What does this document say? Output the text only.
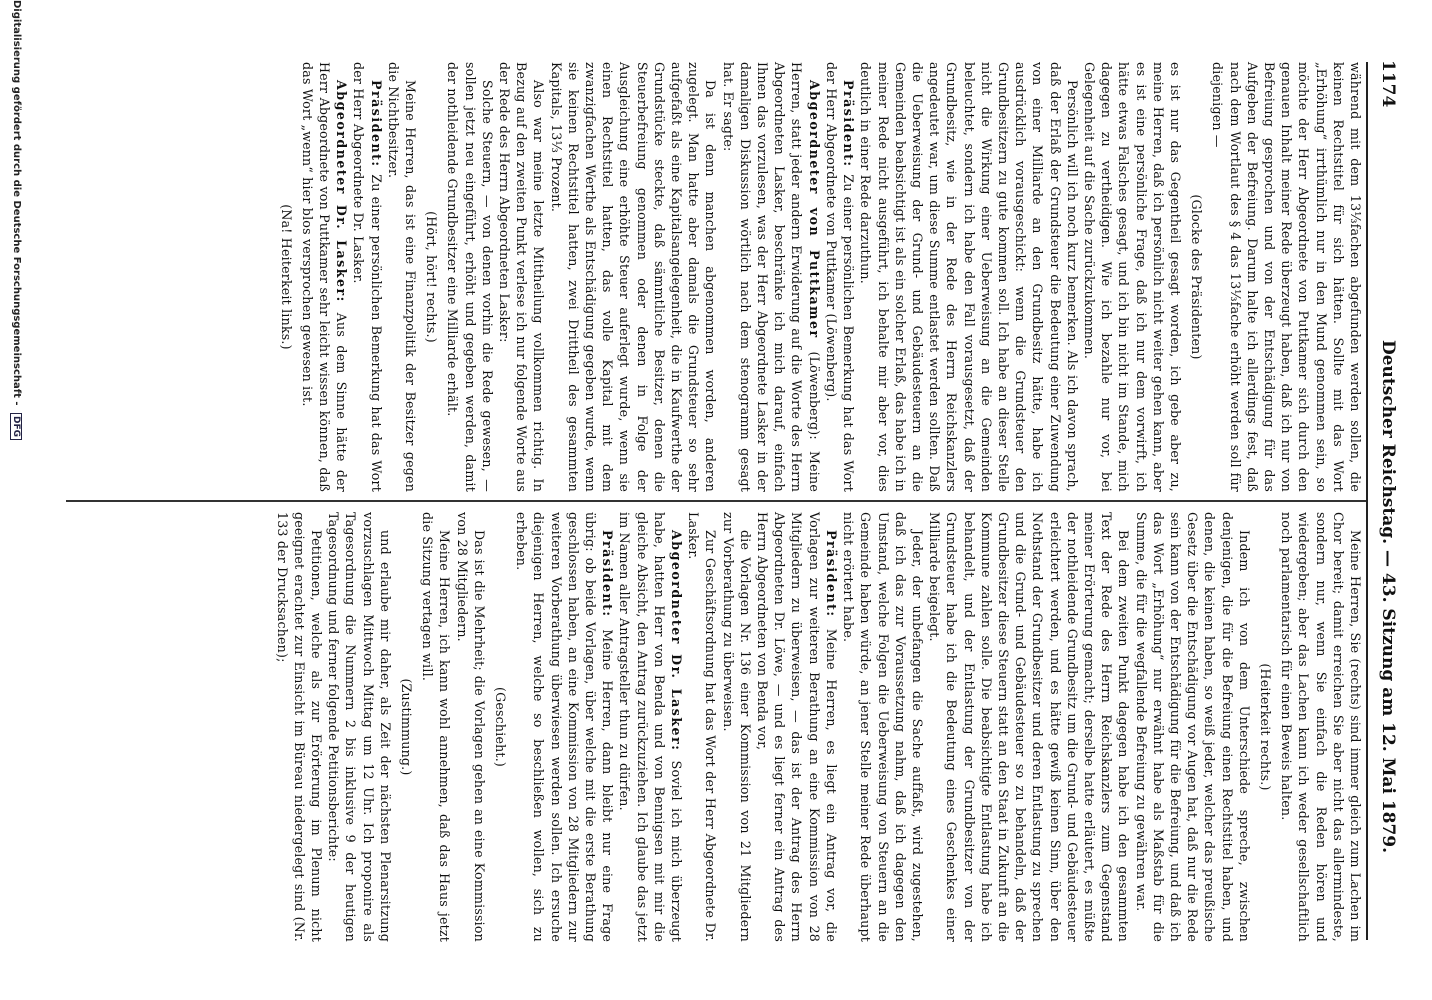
1174
Deutscher Reichstag. — 43. Sitzung am 12. Mai 1879.

während mit dem 13⅓fachen abgefunden werden sollen, die keinen Rechtstitel für sich hätten. Sollte mit das Wort „Erhöhung“ irrthümlich nur in den Mund genommen sein, so möchte der Herr Abgeordnete von Puttkamer sich durch den genauen Inhalt meiner Rede überzeugt haben, daß ich nur von Befreiung gesprochen und von der Entschädigung für das Aufgeben der Befreiung. Darum halte ich allerdings fest, daß nach dem Wortlaut des § 4 das 13⅓fache erhöht werden soll für diejenigen —

(Glocke des Präsidenten)

es ist nur das Gegentheil gesagt worden, ich gebe aber zu, meine Herren, daß ich persönlich nicht weiter gehen kann, aber es ist eine persönliche Frage, daß ich nur dem vorwirft, ich hätte etwas Falsches gesagt, und ich bin nicht im Stande, mich dagegen zu vertheidigen. Wie ich bezahle nur vor, bei Gelegenheit auf die Sache zurückzukommen.

Persönlich will ich noch kurz bemerken. Als ich davon sprach, daß der Erlaß der Grundsteuer die Bedeutung einer Zuwendung von einer Milliarde an den Grundbesitz hätte, habe ich ausdrücklich vorausgeschickt: wenn die Grundsteuer den Grundbesitzern zu gute kommen soll. Ich habe an dieser Stelle nicht die Wirkung einer Ueberweisung an die Gemeinden beleuchtet, sondern ich habe den Fall vorausgesetzt, daß der Grundbesitz, wie in der Rede des Herrn Reichskanzlers angedeutet war, um diese Summe entlastet werden sollten. Daß die Ueberweisung der Grund- und Gebäudesteuern an die Gemeinden beabsichtigt ist als ein solcher Erlaß, das habe ich in meiner Rede nicht ausgeführt, ich behalte mir aber vor, dies deutlich in einer Rede darzuthun.

Präsident: Zu einer persönlichen Bemerkung hat das Wort der Herr Abgeordnete von Puttkamer (Löwenberg).

Abgeordneter von Puttkamer (Löwenberg): Meine Herren, statt jeder andern Erwiderung auf die Worte des Herrn Abgeordneten Lasker, beschränke ich mich darauf, einfach Ihnen das vorzulesen, was der Herr Abgeordnete Lasker in der damaligen Diskussion wörtlich nach dem stenogramm gesagt hat. Er sagte:

Da ist denn manchen abgenommen worden, anderen zugelegt. Man hatte aber damals die Grundsteuer so sehr aufgefaßt als eine Kapitalsangelegenheit, die in Kaufwerthe der Grundstücke steckte, daß sämmtliche Besitzer, denen die Steuerbefreiung genommen oder denen in Folge der Ausgleichung eine erhöhte Steuer auferlegt wurde, wenn sie einen Rechtstitel hatten, das volle Kapital mit dem zwanzigfachen Werthe als Entschädigung gegeben wurde, wenn sie keinen Rechtstitel hatten, zwei Drittheil des gesammten Kapitals, 13⅓ Prozent.

Also war meine letzte Mittheilung vollkommen richtig. In Bezug auf den zweiten Punkt verlese ich nur folgende Worte aus der Rede des Herrn Abgeordneten Lasker:

Solche Steuern, — von denen vorhin die Rede gewesen, — sollen jetzt neu eingeführt, erhöht und gegeben werden, damit der nothleidende Grundbesitzer eine Milliarde erhält.

(Hört, hört! rechts.)

Meine Herren, das ist eine Finanzpolitik der Besitzer gegen die Nichtbesitzer.

Präsident: Zu einer persönlichen Bemerkung hat das Wort der Herr Abgeordnete Dr. Lasker.

Abgeordneter Dr. Lasker: Aus dem Sinne hätte der Herr Abgeordnete von Puttkamer sehr leicht wissen können, daß das Wort „wenn“ hier blos versprochen gewesen ist.

(Na! Heiterkeit links.)

Meine Herren, Sie (rechts) sind immer gleich zum Lachen im Chor bereit; damit erreichen Sie aber nicht das allermindeste, sondern nur, wenn Sie einfach die Reden hören und wiedergeben; aber das Lachen kann ich weder gesellschaftlich noch parlamentarisch für einen Beweis halten.

(Heiterkeit rechts.)

Indem ich von dem Unterschiede spreche, zwischen denjenigen, die für die Befreiung einen Rechtstitel haben, und denen, die keinen haben, so weiß jeder, welcher das preußische Gesetz über die Entschädigung vor Augen hat, daß nur die Rede sein kann von der Entschädigung für die Befreiung, und daß ich das Wort „Erhöhung“ nur erwähnt habe als Maßstab für die Summe, die für die wegfallende Befreiung zu gewähren war.

Bei dem zweiten Punkt dagegen habe ich den gesammten Text der Rede des Herrn Reichskanzlers zum Gegenstand meiner Erörterung gemacht; derselbe hatte erläutert, es müßte der nothleidende Grundbesitz um die Grund- und Gebäudesteuer erleichtert werden, und es hätte gewiß keinen Sinn, über den Nothstand der Grundbesitzer und deren Entlastung zu sprechen und die Grund- und Gebäudesteuer so zu behandeln, daß der Grundbesitzer diese Steuern statt an den Staat in Zukunft an die Kommune zahlen solle. Die beabsichtigte Entlastung habe ich behandelt, und der Entlastung der Grundbesitzer von der Grundsteuer habe ich die Bedeutung eines Geschenkes einer Milliarde beigelegt.

Jeder, der unbefangen die Sache auffaßt, wird zugestehen, daß ich das zur Voraussetzung nahm, daß ich dagegen den Umstand, welche Folgen die Ueberweisung von Steuern an die Gemeinde haben würde, an jener Stelle meiner Rede überhaupt nicht erörtert habe.

Präsident: Meine Herren, es liegt ein Antrag vor, die Vorlagen zur weiteren Berathung an eine Kommission von 28 Mitgliedern zu überweisen, — das ist der Antrag des Herrn Abgeordneten Dr. Löwe, — und es liegt ferner ein Antrag des Herrn Abgeordneten von Benda vor,

die Vorlagen Nr. 136 einer Kommission von 21 Mitgliedern zur Vorberathung zu überweisen.

Zur Geschäftsordnung hat das Wort der Herr Abgeordnete Dr. Lasker.

Abgeordneter Dr. Lasker: Soviel ich mich überzeugt habe, hatten Herr von Benda und von Bennigsen mit mir die gleiche Absicht, den Antrag zurückzuziehen. Ich glaube das jetzt im Namen aller Antragsteller thun zu dürfen.

Präsident: Meine Herren, dann bleibt nur eine Frage übrig: ob beide Vorlagen, über welche mit die erste Berathung geschlossen haben, an eine Kommission von 28 Mitgliedern zur weiteren Vorberathung überwiesen werden sollen. Ich ersuche diejenigen Herren, welche so beschließen wollen, sich zu erheben.

(Geschieht.)

Das ist die Mehrheit; die Vorlagen gehen an eine Kommission von 28 Mitgliedern.

Meine Herren, ich kann wohl annehmen, daß das Haus jetzt die Sitzung vertagen will.

(Zustimmung.)

und erlaube mir daher, als Zeit der nächsten Plenarsitzung vorzuschlagen Mittwoch Mittag um 12 Uhr. Ich proponire als Tagesordnung die Nummern 2 bis inklusive 9 der heutigen Tagesordnung und ferner folgende Petitionsberichte:

Petitionen, welche als zur Erörterung im Plenum nicht geeignet erachtet zur Einsicht im Büreau niedergelegt sind (Nr. 133 der Drucksachen);

Digitalisierung gefördert durch die Deutsche Forschungsgemeinschaft - DFG
